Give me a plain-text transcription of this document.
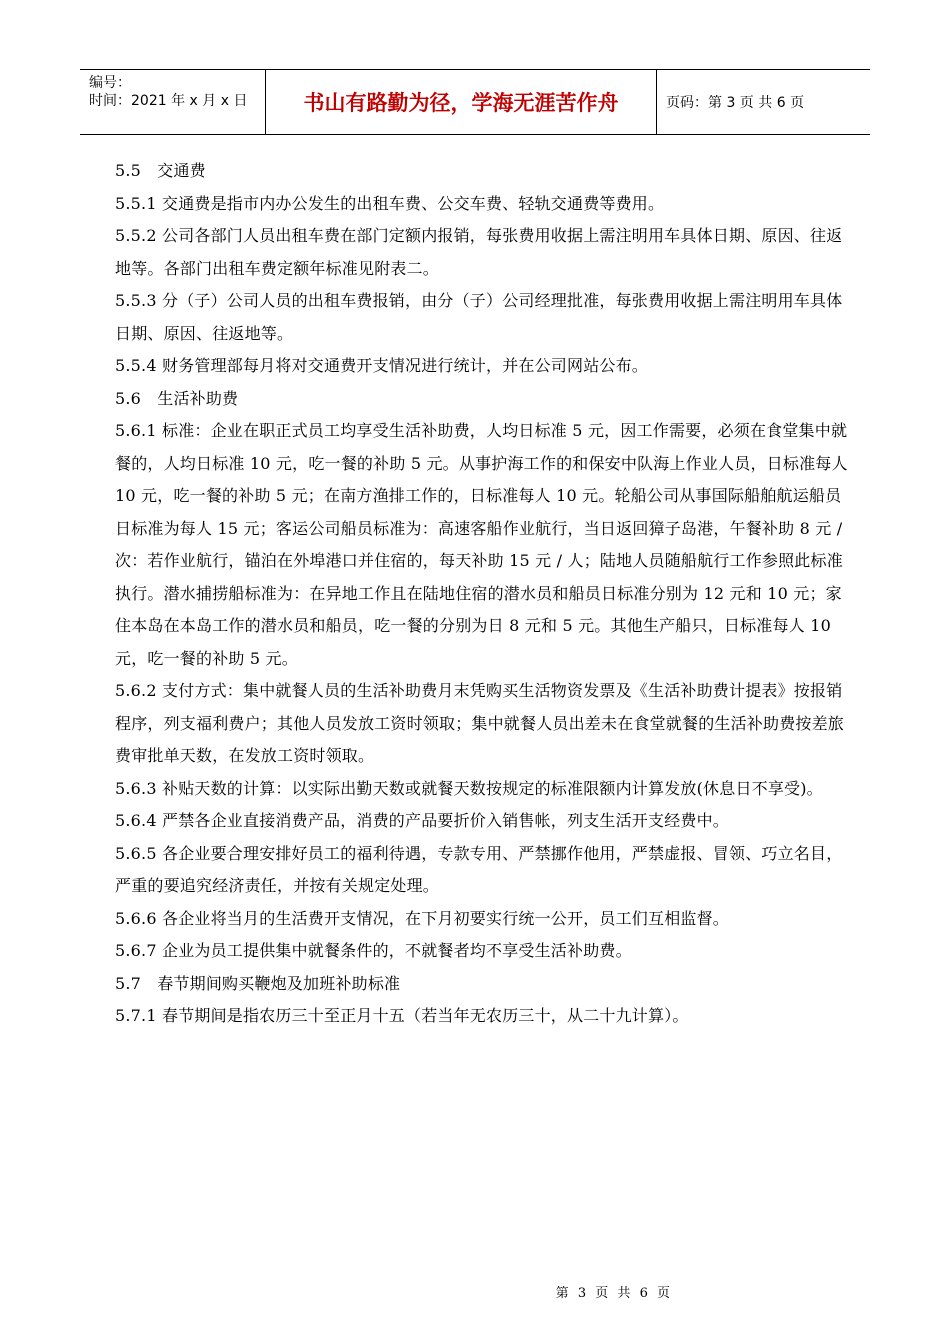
编号：
时间：2021 年 x 月 x 日	书山有路勤为径，学海无涯苦作舟	页码：第 3 页 共 6 页

5.5　交通费

5.5.1 交通费是指市内办公发生的出租车费、公交车费、轻轨交通费等费用。

5.5.2 公司各部门人员出租车费在部门定额内报销，每张费用收据上需注明用车具体日期、原因、往返地等。各部门出租车费定额年标准见附表二。

5.5.3 分（子）公司人员的出租车费报销，由分（子）公司经理批准，每张费用收据上需注明用车具体日期、原因、往返地等。

5.5.4 财务管理部每月将对交通费开支情况进行统计，并在公司网站公布。

5.6　生活补助费

5.6.1 标准：企业在职正式员工均享受生活补助费，人均日标准 5 元，因工作需要，必须在食堂集中就餐的，人均日标准 10 元，吃一餐的补助 5 元。从事护海工作的和保安中队海上作业人员，日标准每人 10 元，吃一餐的补助 5 元；在南方渔排工作的，日标准每人 10 元。轮船公司从事国际船舶航运船员日标准为每人 15 元；客运公司船员标准为：高速客船作业航行，当日返回獐子岛港，午餐补助 8 元 / 次：若作业航行，锚泊在外埠港口并住宿的，每天补助 15 元 / 人；陆地人员随船航行工作参照此标准执行。潜水捕捞船标准为：在异地工作且在陆地住宿的潜水员和船员日标准分别为 12 元和 10 元；家住本岛在本岛工作的潜水员和船员，吃一餐的分别为日 8 元和 5 元。其他生产船只，日标准每人 10 元，吃一餐的补助 5 元。

5.6.2 支付方式：集中就餐人员的生活补助费月末凭购买生活物资发票及《生活补助费计提表》按报销程序，列支福利费户；其他人员发放工资时领取；集中就餐人员出差未在食堂就餐的生活补助费按差旅费审批单天数，在发放工资时领取。

5.6.3 补贴天数的计算：以实际出勤天数或就餐天数按规定的标准限额内计算发放(休息日不享受)。

5.6.4 严禁各企业直接消费产品，消费的产品要折价入销售帐，列支生活开支经费中。

5.6.5 各企业要合理安排好员工的福利待遇，专款专用、严禁挪作他用，严禁虚报、冒领、巧立名目，严重的要追究经济责任，并按有关规定处理。

5.6.6 各企业将当月的生活费开支情况，在下月初要实行统一公开，员工们互相监督。

5.6.7 企业为员工提供集中就餐条件的，不就餐者均不享受生活补助费。

5.7　春节期间购买鞭炮及加班补助标准

5.7.1 春节期间是指农历三十至正月十五（若当年无农历三十，从二十九计算）。

第 3 页 共 6 页
